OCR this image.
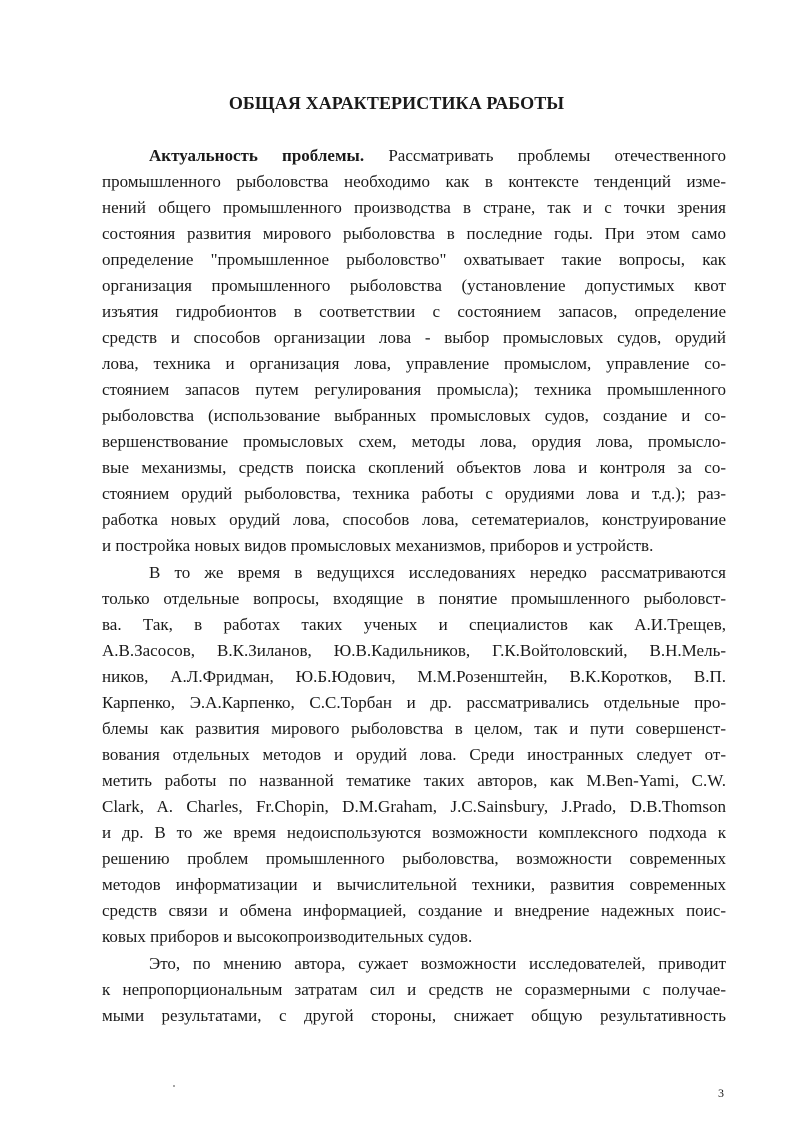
ОБЩАЯ ХАРАКТЕРИСТИКА РАБОТЫ
Актуальность проблемы. Рассматривать проблемы отечественного
промышленного рыболовства необходимо как в контексте тенденций изме-
нений общего промышленного производства в стране, так и с точки зрения
состояния развития мирового рыболовства в последние годы. При этом само
определение "промышленное рыболовство" охватывает такие вопросы, как
организация промышленного рыболовства (установление допустимых квот
изъятия гидробионтов в соответствии с состоянием запасов, определение
средств и способов организации лова - выбор промысловых судов, орудий
лова, техника и организация лова, управление промыслом, управление со-
стоянием запасов путем регулирования промысла); техника промышленного
рыболовства (использование выбранных промысловых судов, создание и со-
вершенствование промысловых схем, методы лова, орудия лова, промысло-
вые механизмы, средств поиска скоплений объектов лова и контроля за со-
стоянием орудий рыболовства, техника работы с орудиями лова и т.д.); раз-
работка новых орудий лова, способов лова, сетематериалов, конструирование
и постройка новых видов промысловых механизмов, приборов и устройств.
В то же время в ведущихся исследованиях нередко рассматриваются
только отдельные вопросы, входящие в понятие промышленного рыболовст-
ва. Так, в работах таких ученых и специалистов как А.И.Трещев,
А.В.Засосов, В.К.Зиланов, Ю.В.Кадильников, Г.К.Войтоловский, В.Н.Мель-
ников, А.Л.Фридман, Ю.Б.Юдович, М.М.Розенштейн, В.К.Коротков, В.П.
Карпенко, Э.А.Карпенко, С.С.Торбан и др. рассматривались отдельные про-
блемы как развития мирового рыболовства в целом, так и пути совершенст-
вования отдельных методов и орудий лова. Среди иностранных следует от-
метить работы по названной тематике таких авторов, как M.Ben-Yami, C.W.
Clark, A. Charles, Fr.Chopin, D.M.Graham, J.C.Sainsbury, J.Prado, D.B.Thomson
и др. В то же время недоиспользуются возможности комплексного подхода к
решению проблем промышленного рыболовства, возможности современных
методов информатизации и вычислительной техники, развития современных
средств связи и обмена информацией, создание и внедрение надежных поис-
ковых приборов и высокопроизводительных судов.
Это, по мнению автора, сужает возможности исследователей, приводит
к непропорциональным затратам сил и средств не соразмерными с получае-
мыми результатами, с другой стороны, снижает общую результативность
3
